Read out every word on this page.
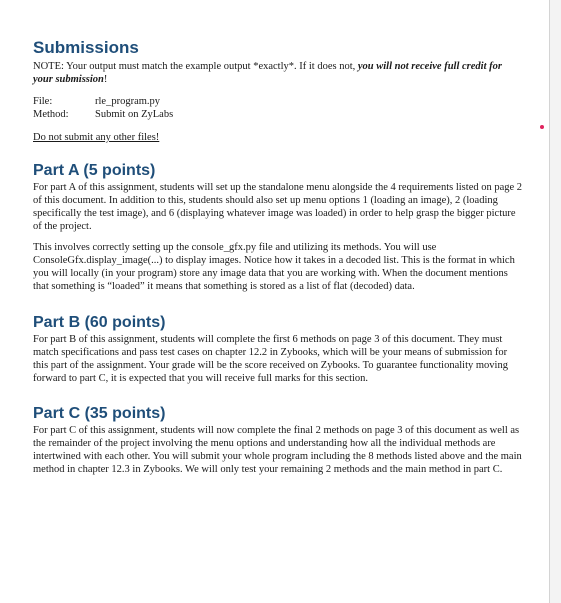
Submissions

NOTE: Your output must match the example output *exactly*. If it does not, you will not receive full credit for your submission!

File:	rle_program.py
Method:	Submit on ZyLabs

Do not submit any other files!

Part A (5 points)

For part A of this assignment, students will set up the standalone menu alongside the 4 requirements listed on page 2 of this document. In addition to this, students should also set up menu options 1 (loading an image), 2 (loading specifically the test image), and 6 (displaying whatever image was loaded) in order to help grasp the bigger picture of the project.

This involves correctly setting up the console_gfx.py file and utilizing its methods. You will use ConsoleGfx.display_image(...) to display images. Notice how it takes in a decoded list. This is the format in which you will locally (in your program) store any image data that you are working with. When the document mentions that something is “loaded” it means that something is stored as a list of flat (decoded) data.

Part B (60 points)

For part B of this assignment, students will complete the first 6 methods on page 3 of this document. They must match specifications and pass test cases on chapter 12.2 in Zybooks, which will be your means of submission for this part of the assignment. Your grade will be the score received on Zybooks. To guarantee functionality moving forward to part C, it is expected that you will receive full marks for this section.

Part C (35 points)

For part C of this assignment, students will now complete the final 2 methods on page 3 of this document as well as the remainder of the project involving the menu options and understanding how all the individual methods are intertwined with each other. You will submit your whole program including the 8 methods listed above and the main method in chapter 12.3 in Zybooks. We will only test your remaining 2 methods and the main method in part C.
